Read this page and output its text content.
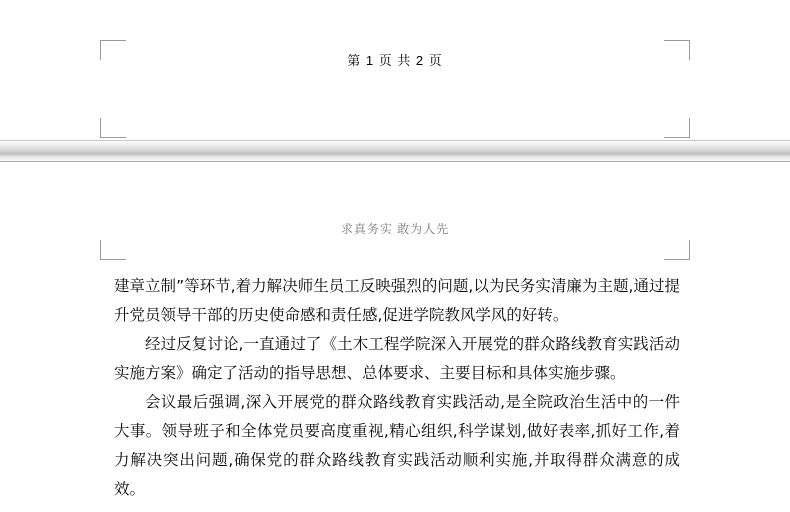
第 1 页 共 2 页
求真务实 敢为人先

建章立制”等环节,着力解决师生员工反映强烈的问题,以为民务实清廉为主题,通过提升党员领导干部的历史使命感和责任感,促进学院教风学风的好转。

经过反复讨论,一直通过了《土木工程学院深入开展党的群众路线教育实践活动实施方案》确定了活动的指导思想、总体要求、主要目标和具体实施步骤。

会议最后强调,深入开展党的群众路线教育实践活动,是全院政治生活中的一件大事。领导班子和全体党员要高度重视,精心组织,科学谋划,做好表率,抓好工作,着力解决突出问题,确保党的群众路线教育实践活动顺利实施,并取得群众满意的成效。
